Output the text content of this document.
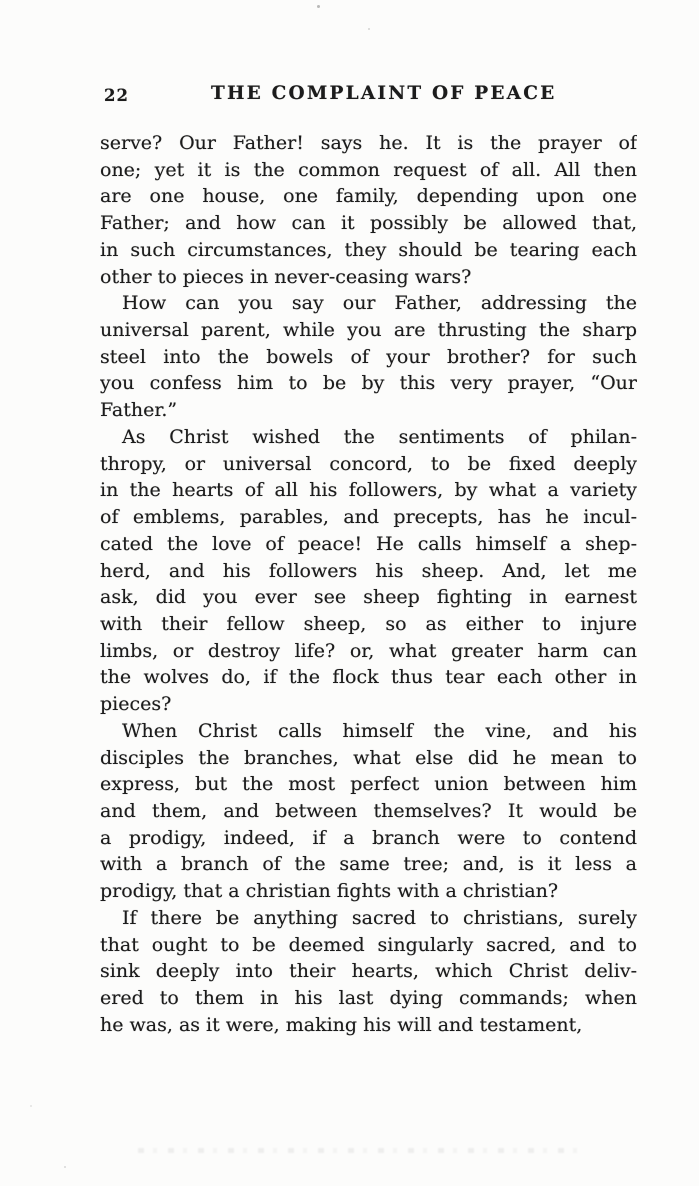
22	THE COMPLAINT OF PEACE
serve? Our Father! says he. It is the prayer of
one; yet it is the common request of all. All then
are one house, one family, depending upon one
Father; and how can it possibly be allowed that,
in such circumstances, they should be tearing each
other to pieces in never-ceasing wars?
How can you say our Father, addressing the
universal parent, while you are thrusting the sharp
steel into the bowels of your brother? for such
you confess him to be by this very prayer, “Our
Father.”
As Christ wished the sentiments of philan-
thropy, or universal concord, to be fixed deeply
in the hearts of all his followers, by what a variety
of emblems, parables, and precepts, has he incul-
cated the love of peace! He calls himself a shep-
herd, and his followers his sheep. And, let me
ask, did you ever see sheep fighting in earnest
with their fellow sheep, so as either to injure
limbs, or destroy life? or, what greater harm can
the wolves do, if the flock thus tear each other in
pieces?
When Christ calls himself the vine, and his
disciples the branches, what else did he mean to
express, but the most perfect union between him
and them, and between themselves? It would be
a prodigy, indeed, if a branch were to contend
with a branch of the same tree; and, is it less a
prodigy, that a christian fights with a christian?
If there be anything sacred to christians, surely
that ought to be deemed singularly sacred, and to
sink deeply into their hearts, which Christ deliv-
ered to them in his last dying commands; when
he was, as it were, making his will and testament,
